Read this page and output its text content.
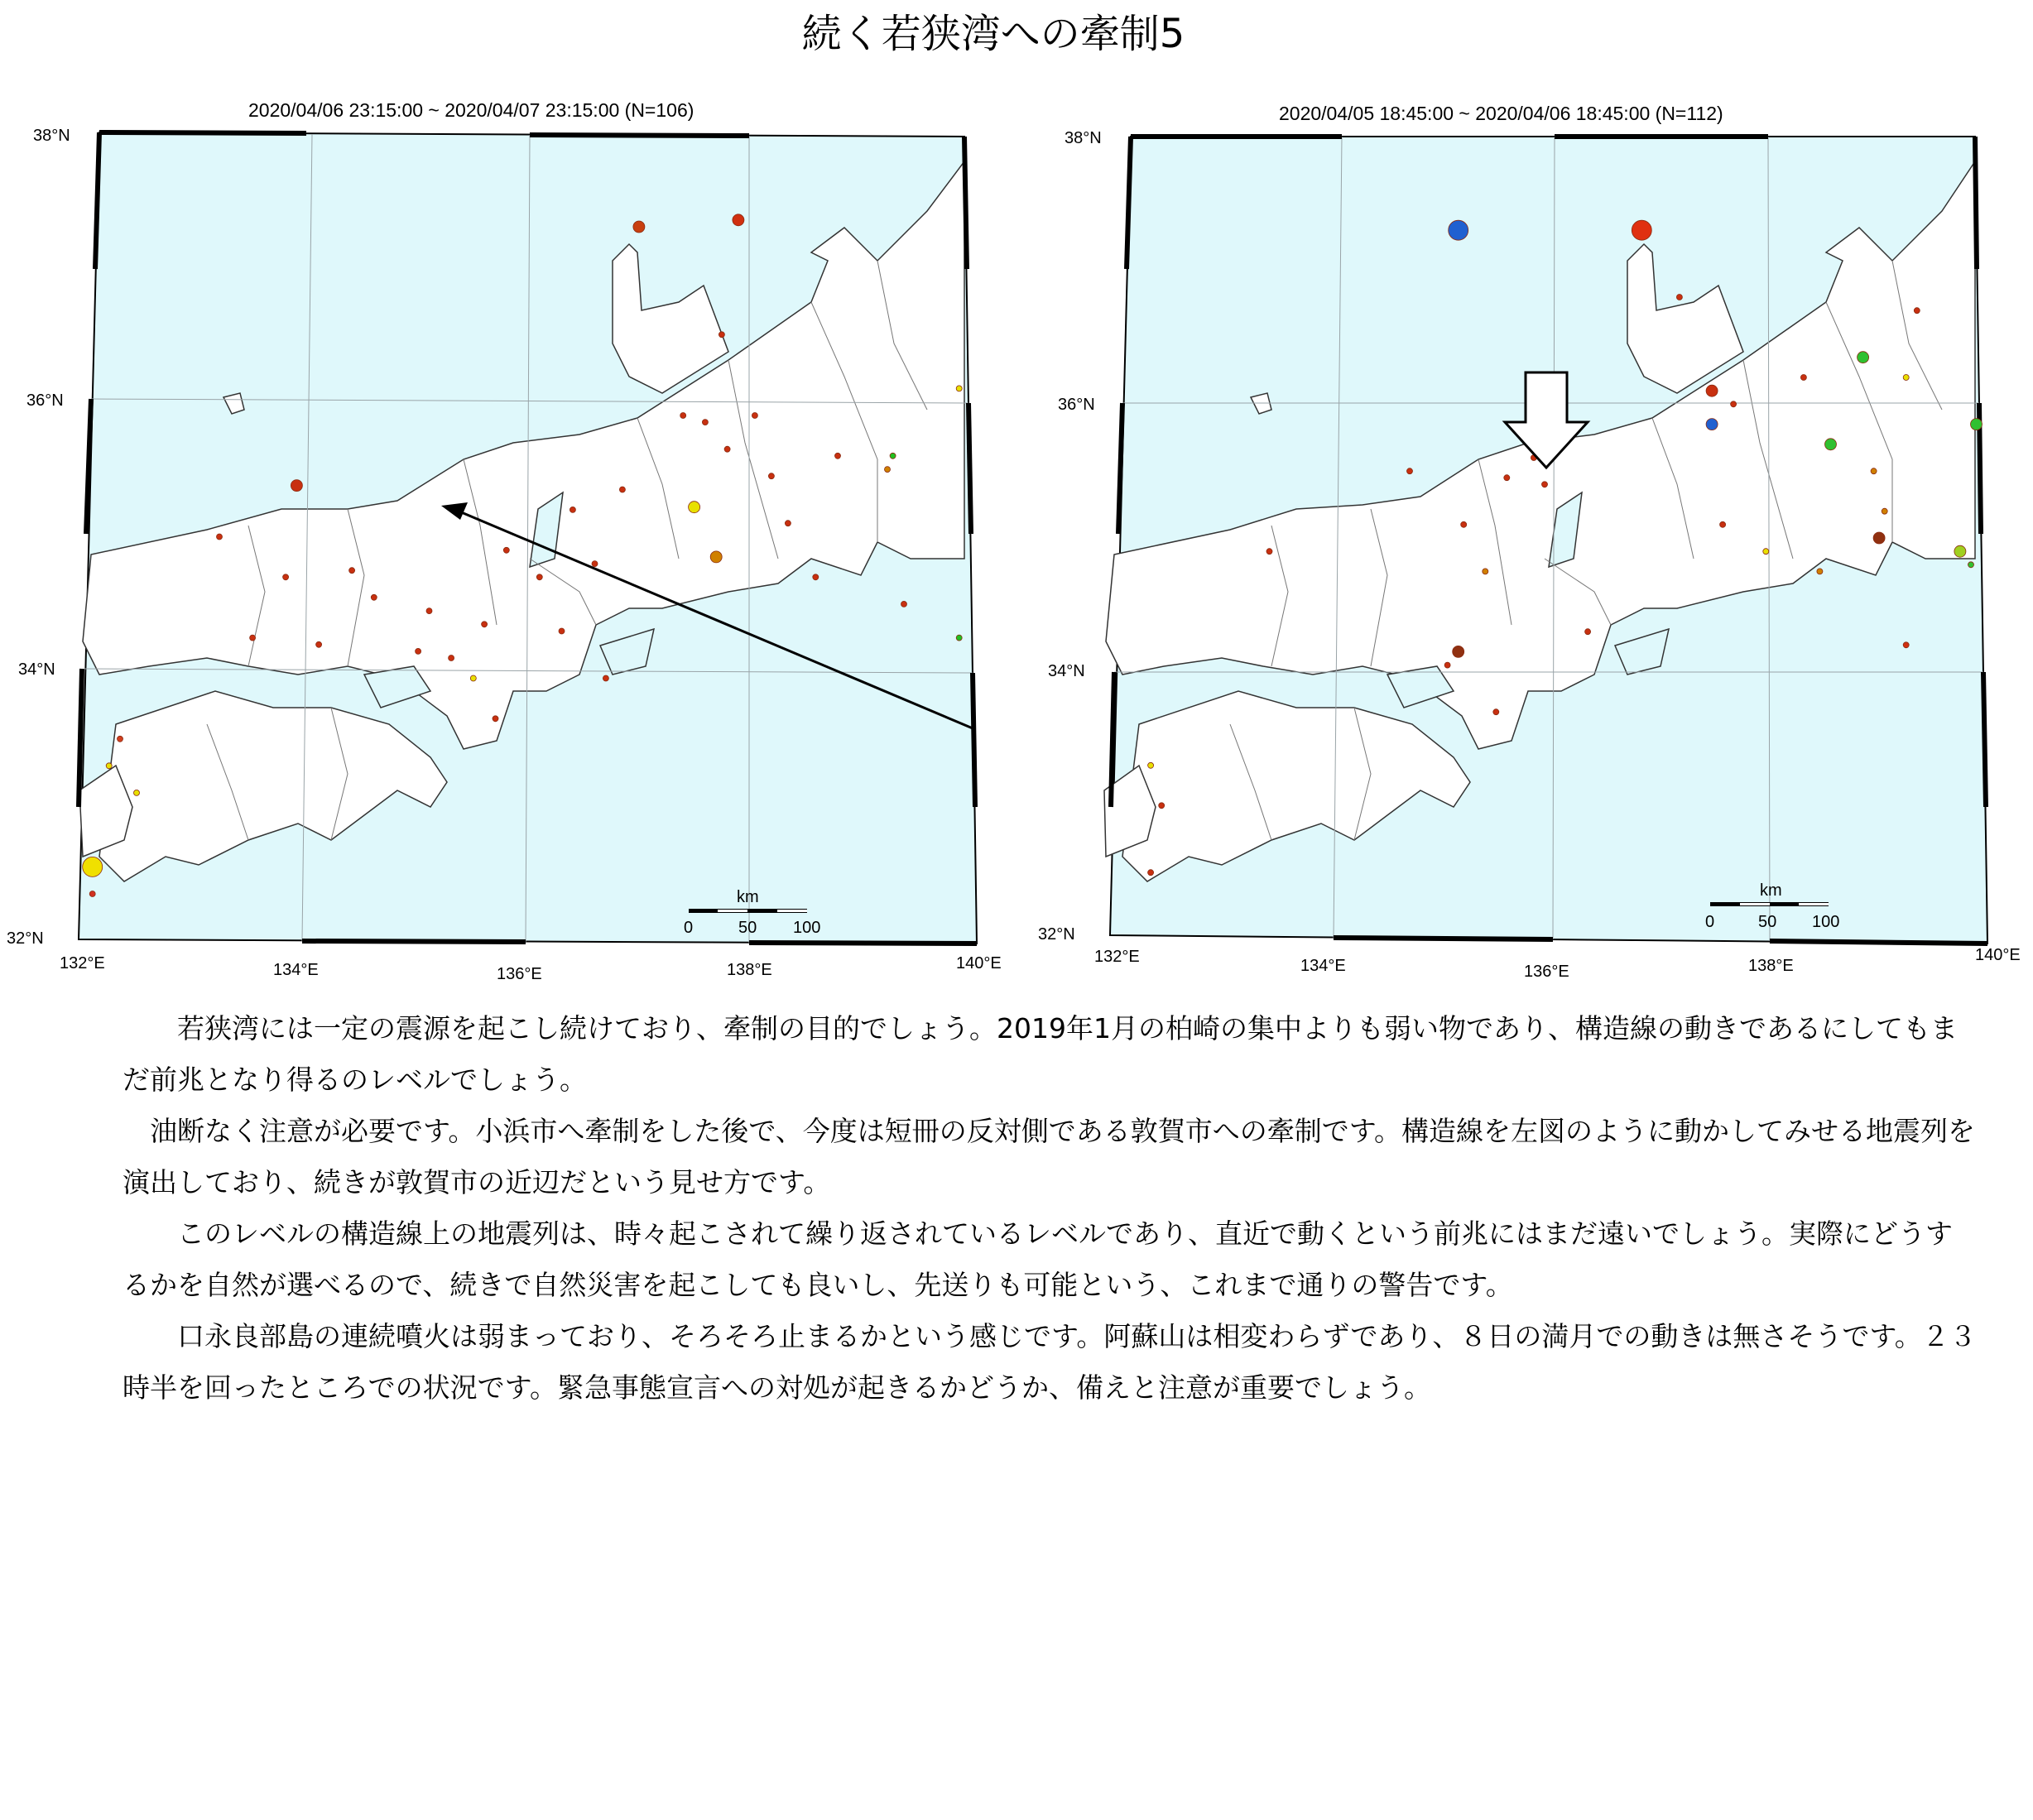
続く若狭湾への牽制5
2020/04/06 23:15:00 ~ 2020/04/07 23:15:00 (N=106)	2020/04/05 18:45:00 ~ 2020/04/06 18:45:00 (N=112)
38°N
36°N
34°N
32°N
132°E	134°E	136°E	138°E	140°E
km
0	50 100
38°N
36°N
34°N
32°N
132°E	134°E	136°E	138°E
140°E
km
0	50 100

　　若狭湾には一定の震源を起こし続けており、牽制の目的でしょう。2019年1月の柏崎の集中よりも弱い物であり、構造線の動きであるにしてもまだ前兆となり得るのレベルでしょう。

　油断なく注意が必要です。小浜市へ牽制をした後で、今度は短冊の反対側である敦賀市への牽制です。構造線を左図のように動かしてみせる地震列を演出しており、続きが敦賀市の近辺だという見せ方です。

　　このレベルの構造線上の地震列は、時々起こされて繰り返されているレベルであり、直近で動くという前兆にはまだ遠いでしょう。実際にどうするかを自然が選べるので、続きで自然災害を起こしても良いし、先送りも可能という、これまで通りの警告です。

　　口永良部島の連続噴火は弱まっており、そろそろ止まるかという感じです。阿蘇山は相変わらずであり、８日の満月での動きは無さそうです。２３時半を回ったところでの状況です。緊急事態宣言への対処が起きるかどうか、備えと注意が重要でしょう。
